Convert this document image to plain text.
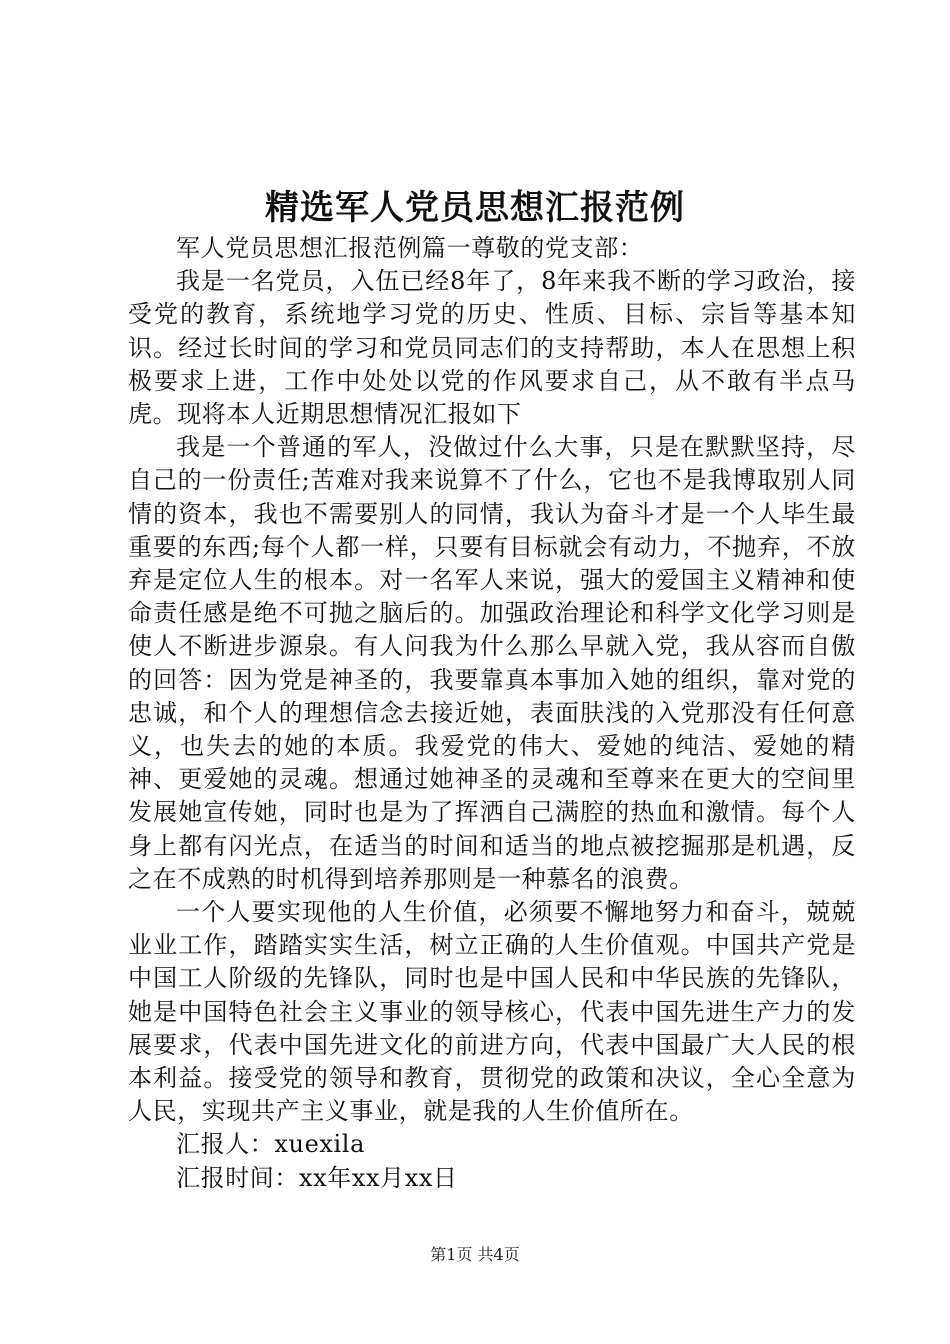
精选军人党员思想汇报范例

军人党员思想汇报范例篇一尊敬的党支部：

我是一名党员，入伍已经8年了，8年来我不断的学习政治，接受党的教育，系统地学习党的历史、性质、目标、宗旨等基本知识。经过长时间的学习和党员同志们的支持帮助，本人在思想上积极要求上进，工作中处处以党的作风要求自己，从不敢有半点马虎。现将本人近期思想情况汇报如下

我是一个普通的军人，没做过什么大事，只是在默默坚持，尽自己的一份责任;苦难对我来说算不了什么，它也不是我博取别人同情的资本，我也不需要别人的同情，我认为奋斗才是一个人毕生最重要的东西;每个人都一样，只要有目标就会有动力，不抛弃，不放弃是定位人生的根本。对一名军人来说，强大的爱国主义精神和使命责任感是绝不可抛之脑后的。加强政治理论和科学文化学习则是使人不断进步源泉。有人问我为什么那么早就入党，我从容而自傲的回答：因为党是神圣的，我要靠真本事加入她的组织，靠对党的忠诚，和个人的理想信念去接近她，表面肤浅的入党那没有任何意义，也失去的她的本质。我爱党的伟大、爱她的纯洁、爱她的精神、更爱她的灵魂。想通过她神圣的灵魂和至尊来在更大的空间里发展她宣传她，同时也是为了挥洒自己满腔的热血和激情。每个人身上都有闪光点，在适当的时间和适当的地点被挖掘那是机遇，反之在不成熟的时机得到培养那则是一种慕名的浪费。

一个人要实现他的人生价值，必须要不懈地努力和奋斗，兢兢业业工作，踏踏实实生活，树立正确的人生价值观。中国共产党是中国工人阶级的先锋队，同时也是中国人民和中华民族的先锋队，她是中国特色社会主义事业的领导核心，代表中国先进生产力的发展要求，代表中国先进文化的前进方向，代表中国最广大人民的根本利益。接受党的领导和教育，贯彻党的政策和决议，全心全意为人民，实现共产主义事业，就是我的人生价值所在。

汇报人：xuexila

汇报时间：xx年xx月xx日

第1页 共4页
